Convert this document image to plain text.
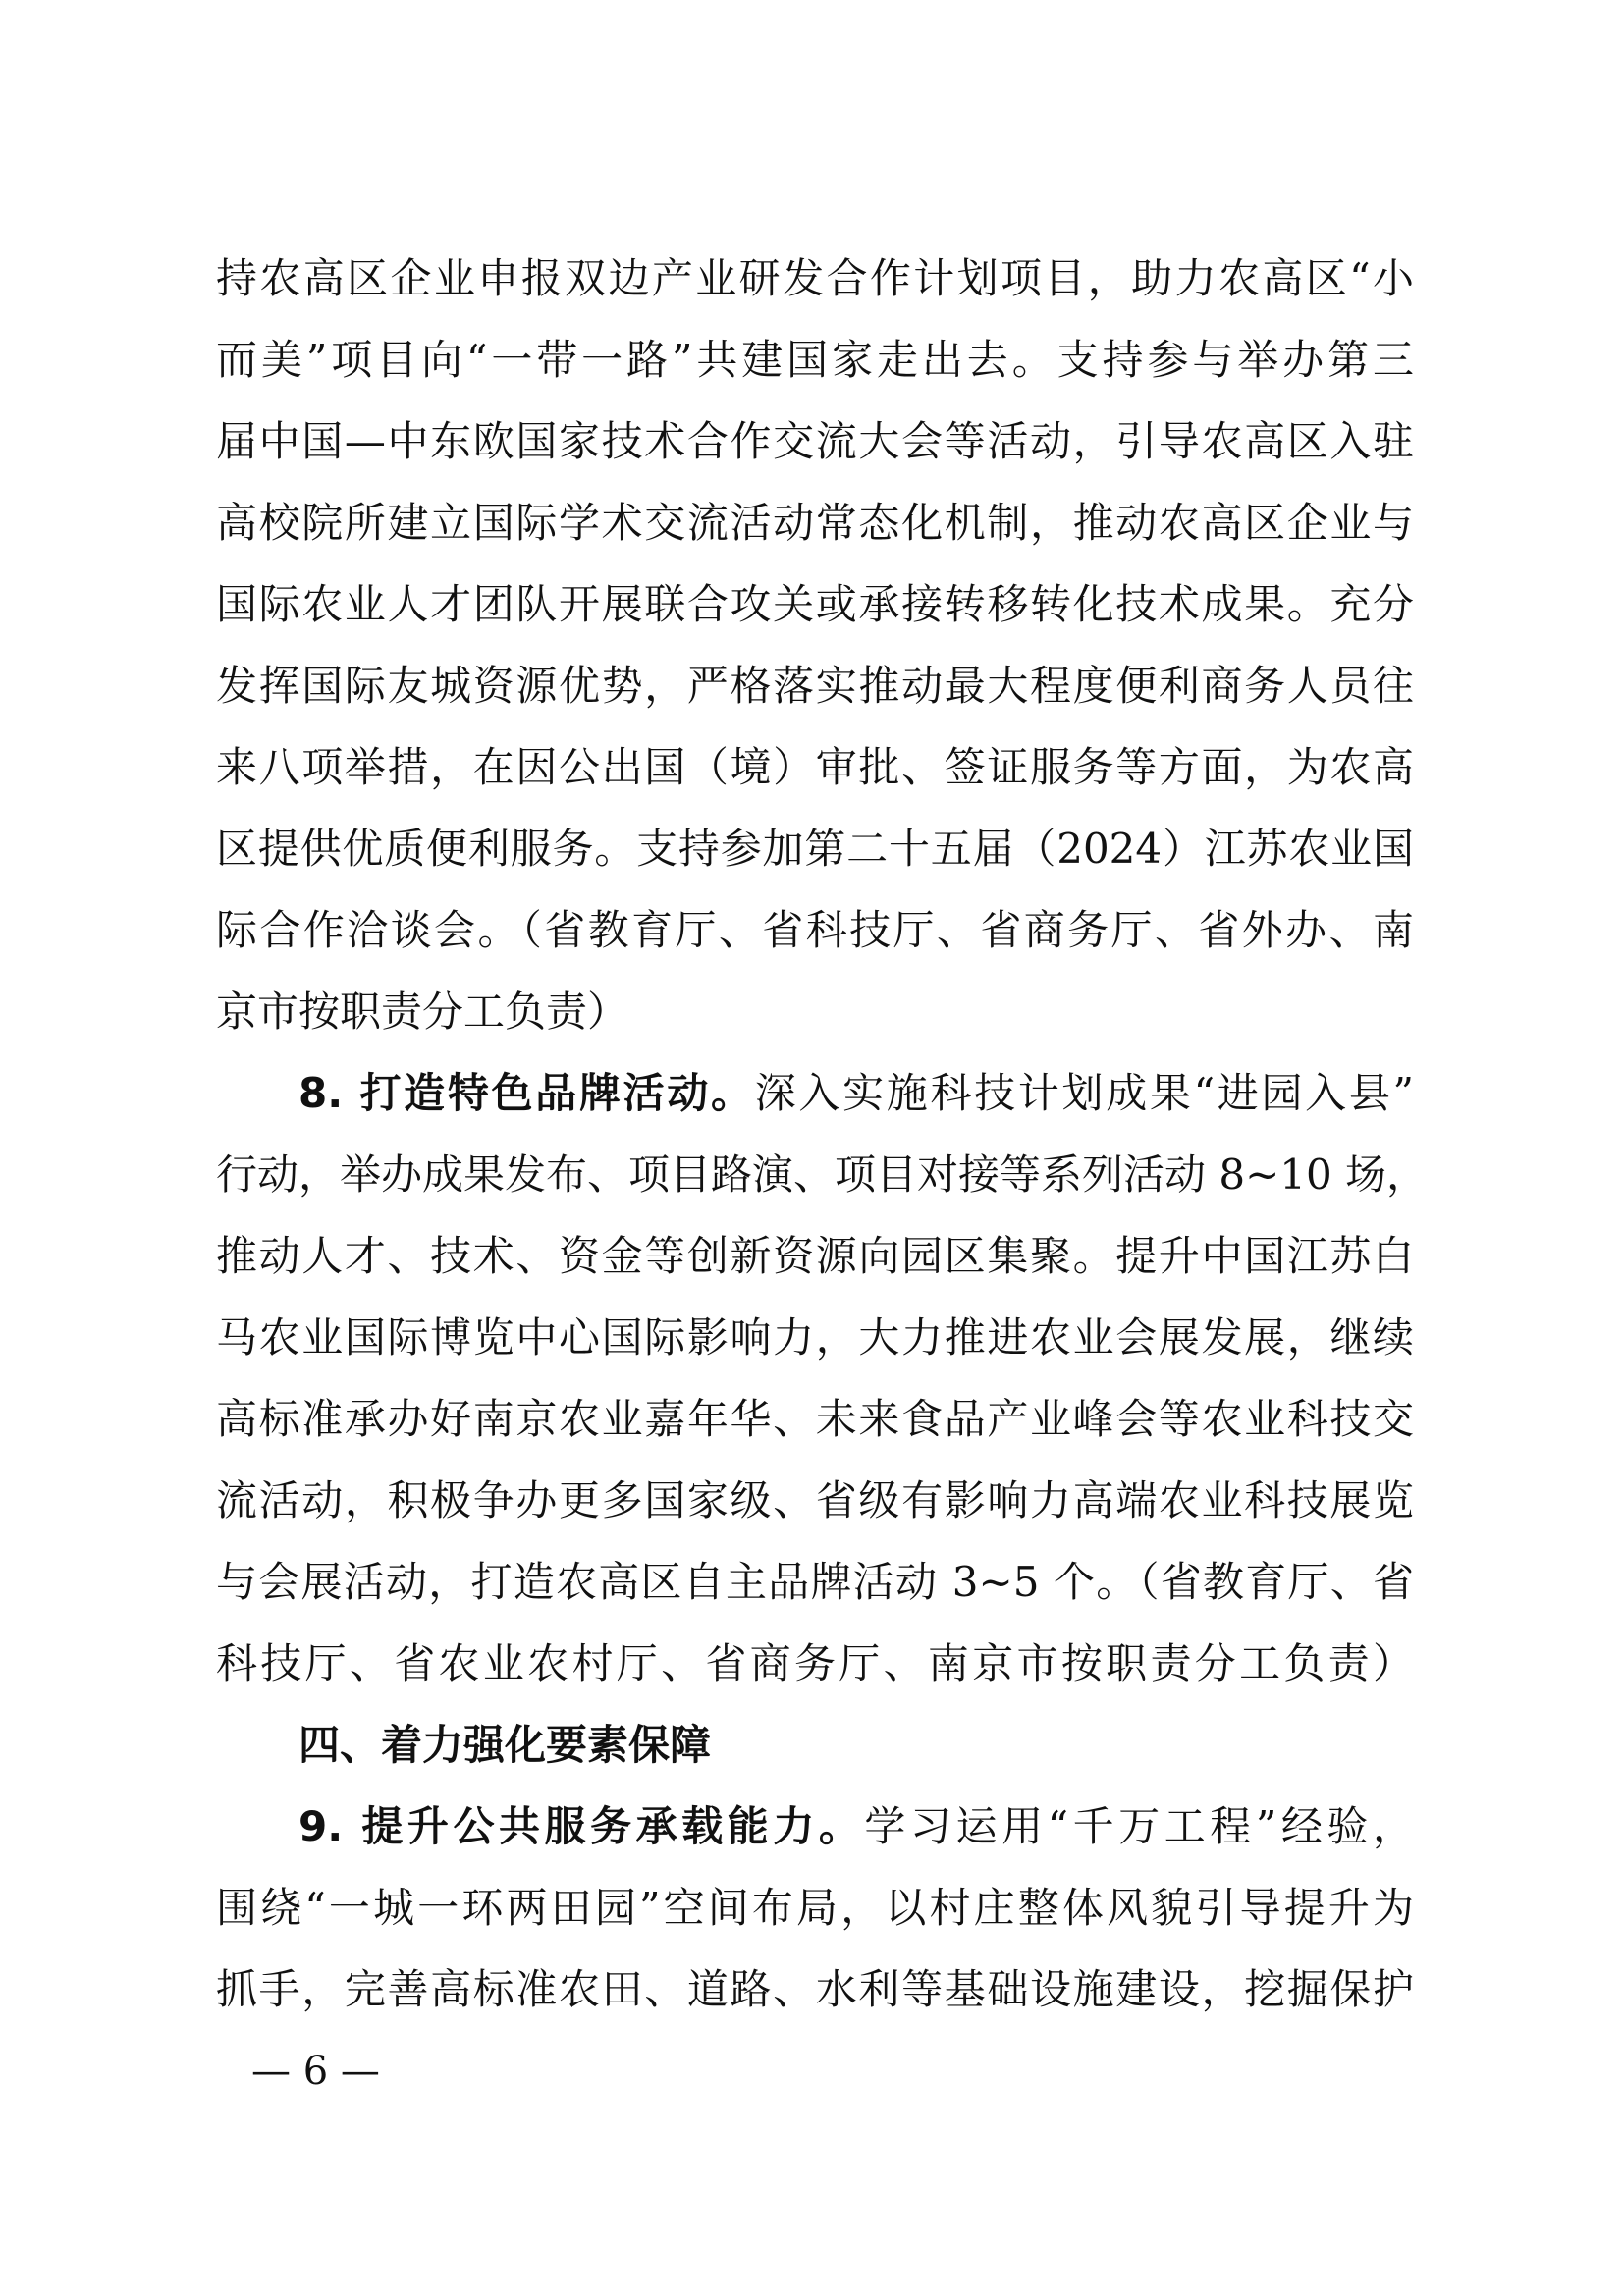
持农高区企业申报双边产业研发合作计划项目，助力农高区“小
而美”项目向“一带一路”共建国家走出去。支持参与举办第三
届中国—中东欧国家技术合作交流大会等活动，引导农高区入驻
高校院所建立国际学术交流活动常态化机制，推动农高区企业与
国际农业人才团队开展联合攻关或承接转移转化技术成果。充分
发挥国际友城资源优势，严格落实推动最大程度便利商务人员往
来八项举措，在因公出国（境）审批、签证服务等方面，为农高
区提供优质便利服务。支持参加第二十五届（2024）江苏农业国
际合作洽谈会。（省教育厅、省科技厅、省商务厅、省外办、南
京市按职责分工负责）
8. 打造特色品牌活动。深入实施科技计划成果“进园入县”
行动，举办成果发布、项目路演、项目对接等系列活动 8~10 场，
推动人才、技术、资金等创新资源向园区集聚。提升中国江苏白
马农业国际博览中心国际影响力，大力推进农业会展发展，继续
高标准承办好南京农业嘉年华、未来食品产业峰会等农业科技交
流活动，积极争办更多国家级、省级有影响力高端农业科技展览
与会展活动，打造农高区自主品牌活动 3~5 个。（省教育厅、省
科技厅、省农业农村厅、省商务厅、南京市按职责分工负责）
四、着力强化要素保障
9. 提升公共服务承载能力。学习运用“千万工程”经验，
围绕“一城一环两田园”空间布局，以村庄整体风貌引导提升为
抓手，完善高标准农田、道路、水利等基础设施建设，挖掘保护
— 6 —
